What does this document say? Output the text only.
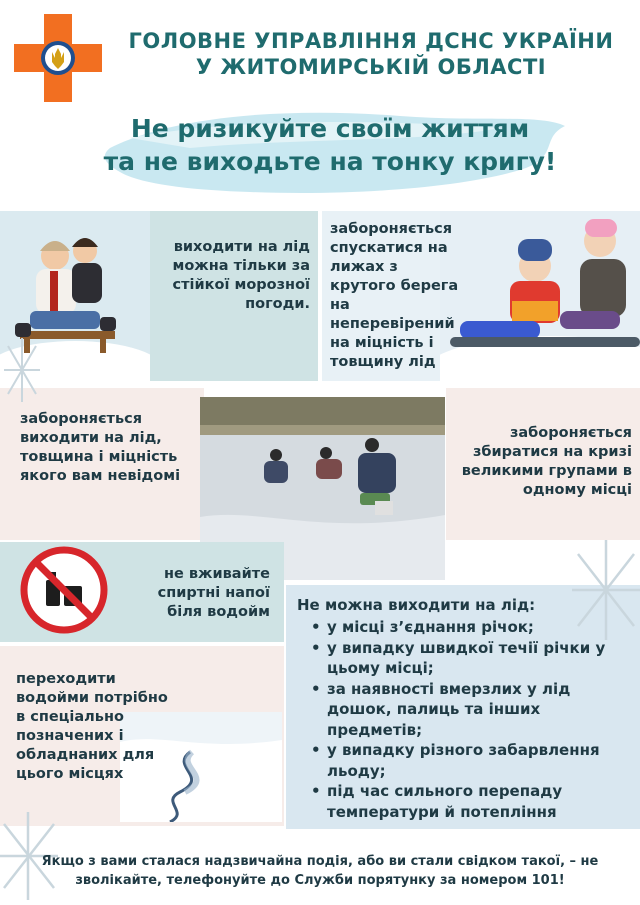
ГОЛОВНЕ УПРАВЛІННЯ ДСНС УКРАЇНИ
У ЖИТОМИРСЬКІЙ ОБЛАСТІ
Не ризикуйте своїм життям
та не виходьте на тонку кригу!
виходити на лід можна тільки за стійкої морозної погоди.
забороняється спускатися на лижах з крутого берега на неперевірений на міцність і товщину лід
забороняється виходити на лід, товщина і міцність якого вам невідомі
забороняється збиратися на кризі великими групами в одному місці
не вживайте спиртні напої біля водойм Не можна виходити на лід:
• у місці з’єднання річок;
• у випадку швидкої течії річки у цьому місці;
• за наявності вмерзлих у лід дошок, палиць та інших предметів;
• у випадку різного забарвлення льоду;
• під час сильного перепаду температури й потепління
переходити водойми потрібно в спеціально позначених і обладнаних для цього місцях
Якщо з вами сталася надзвичайна подія, або ви стали свідком такої, – не зволікайте, телефонуйте до Служби порятунку за номером 101!
